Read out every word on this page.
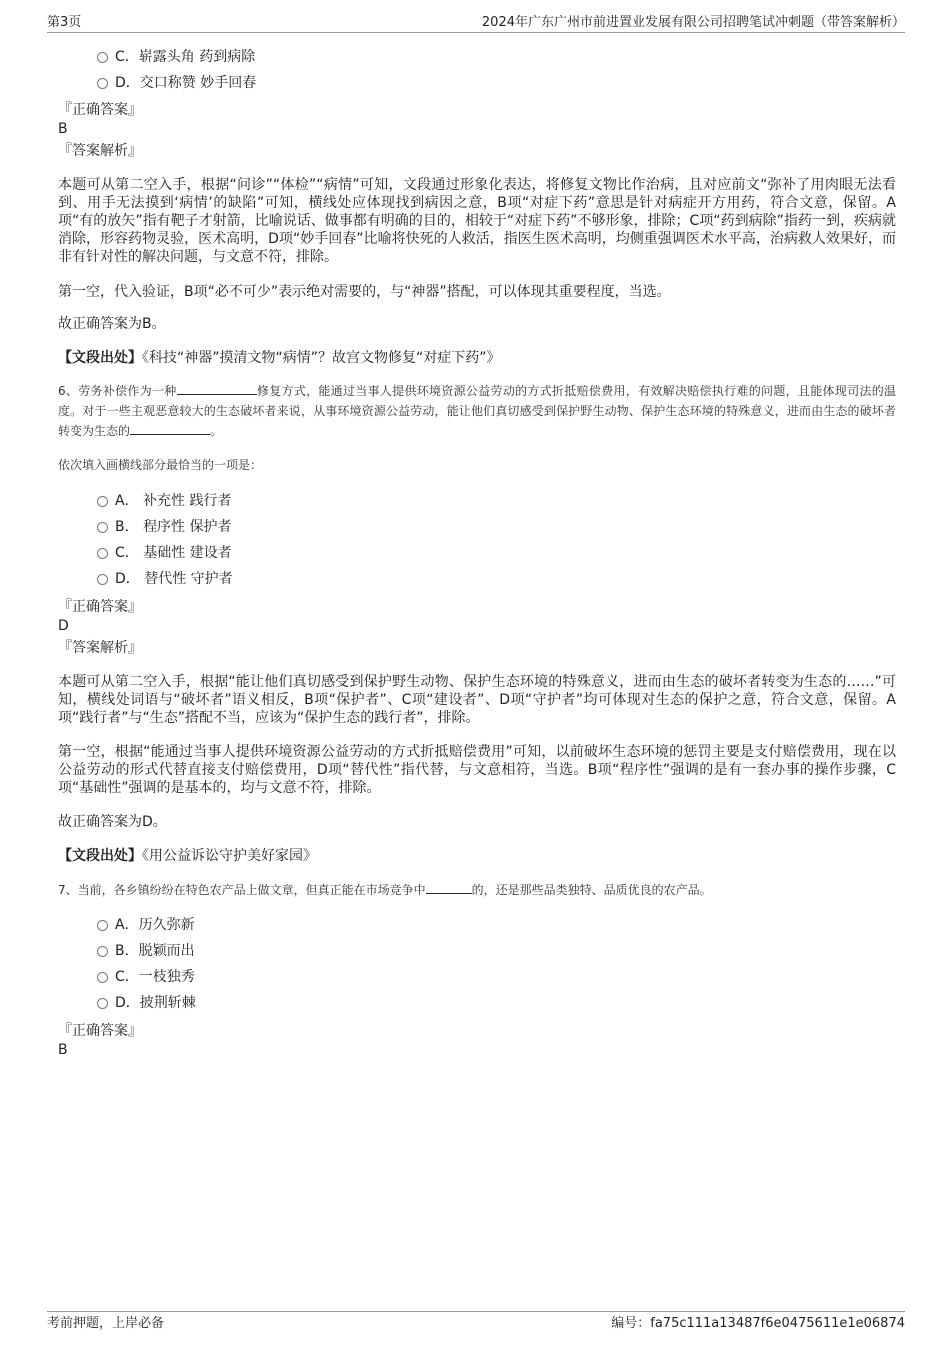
第3页	2024年广东广州市前进置业发展有限公司招聘笔试冲刺题（带答案解析）
C．崭露头角 药到病除
D．交口称赞 妙手回春
『正确答案』
B
『答案解析』
本题可从第二空入手，根据“问诊”“体检”“病情”可知，文段通过形象化表达，将修复文物比作治病，且对应前文“弥补了用肉眼无法看到、用手无法摸到‘病情’的缺陷”可知，横线处应体现找到病因之意，B项“对症下药”意思是针对病症开方用药，符合文意，保留。A项“有的放矢”指有靶子才射箭，比喻说话、做事都有明确的目的，相较于“对症下药”不够形象，排除；C项“药到病除”指药一到，疾病就消除，形容药物灵验，医术高明，D项“妙手回春”比喻将快死的人救活，指医生医术高明，均侧重强调医术水平高，治病救人效果好，而非有针对性的解决问题，与文意不符，排除。
第一空，代入验证，B项“必不可少”表示绝对需要的，与“神器”搭配，可以体现其重要程度，当选。
故正确答案为B。
【文段出处】《科技“神器”摸清文物“病情”？故宫文物修复“对症下药”》
6、劳务补偿作为一种	修复方式，能通过当事人提供环境资源公益劳动的方式折抵赔偿费用，有效解决赔偿执行难的问题，且能体现司法的温度。对于一些主观恶意较大的生态破坏者来说，从事环境资源公益劳动，能让他们真切感受到保护野生动物、保护生态环境的特殊意义，进而由生态的破坏者转变为生态的	。
依次填入画横线部分最恰当的一项是：
A． 补充性 践行者
B． 程序性 保护者
C． 基础性 建设者
D． 替代性 守护者
『正确答案』
D
『答案解析』
本题可从第二空入手，根据“能让他们真切感受到保护野生动物、保护生态环境的特殊意义，进而由生态的破坏者转变为生态的……”可知，横线处词语与“破坏者”语义相反，B项“保护者”、C项“建设者”、D项“守护者”均可体现对生态的保护之意，符合文意，保留。A项“践行者”与“生态”搭配不当，应该为“保护生态的践行者”，排除。
第一空，根据“能通过当事人提供环境资源公益劳动的方式折抵赔偿费用”可知，以前破坏生态环境的惩罚主要是支付赔偿费用，现在以公益劳动的形式代替直接支付赔偿费用，D项“替代性”指代替，与文意相符，当选。B项“程序性”强调的是有一套办事的操作步骤，C项“基础性”强调的是基本的，均与文意不符，排除。
故正确答案为D。
【文段出处】《用公益诉讼守护美好家园》
7、当前，各乡镇纷纷在特色农产品上做文章，但真正能在市场竞争中	的，还是那些品类独特、品质优良的农产品。
A．历久弥新
B．脱颖而出
C．一枝独秀
D．披荆斩棘
『正确答案』
B
考前押题，上岸必备	编号：fa75c111a13487f6e0475611e1e06874
